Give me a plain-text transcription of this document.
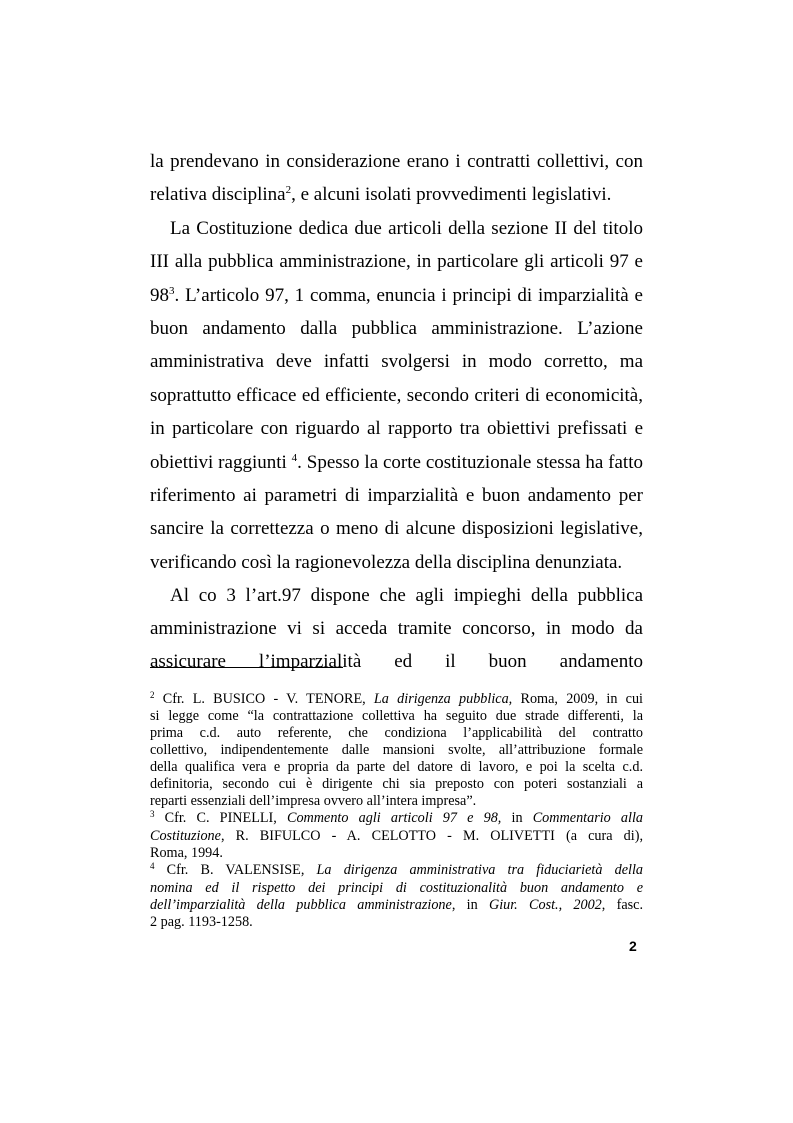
la prendevano in considerazione erano i contratti collettivi, con

relativa disciplina$^2$, e alcuni isolati provvedimenti legislativi.

La Costituzione dedica due articoli della sezione II del titolo

III alla pubblica amministrazione, in particolare gli articoli 97 e

$98^3$. L’articolo 97, 1 comma, enuncia i principi di imparzialità e

buon andamento dalla pubblica amministrazione. L’azione

amministrativa deve infatti svolgersi in modo corretto, ma

soprattutto efficace ed efficiente, secondo criteri di economicità,

in particolare con riguardo al rapporto tra obiettivi prefissati e

obiettivi raggiunti $^4$. Spesso la corte costituzionale stessa ha fatto

riferimento ai parametri di imparzialità e buon andamento per

sancire la correttezza o meno di alcune disposizioni legislative,

verificando così la ragionevolezza della disciplina denunziata.

Al co 3 l’art.97 dispone che agli impieghi della pubblica

amministrazione vi si acceda tramite concorso, in modo da

assicurare l’imparzialità ed il buon andamento

$^2$ Cfr. L. BUSICO - V. TENORE, La dirigenza pubblica, Roma, 2009, in cui

si legge come “la contrattazione collettiva ha seguito due strade differenti, la

prima c.d. auto referente, che condiziona l’applicabilità del contratto

collettivo, indipendentemente dalle mansioni svolte, all’attribuzione formale

della qualifica vera e propria da parte del datore di lavoro, e poi la scelta c.d.

definitoria, secondo cui è dirigente chi sia preposto con poteri sostanziali a

reparti essenziali dell’impresa ovvero all’intera impresa”.

$^3$ Cfr. C. PINELLI, Commento agli articoli 97 e 98, in Commentario alla

Costituzione, R. BIFULCO - A. CELOTTO - M. OLIVETTI (a cura di),

Roma, 1994.

$^4$ Cfr. B. VALENSISE, La dirigenza amministrativa tra fiduciarietà della

nomina ed il rispetto dei principi di costituzionalità buon andamento e

dell’imparzialità della pubblica amministrazione, in Giur. Cost., 2002, fasc.

2 pag. 1193-1258.

2
